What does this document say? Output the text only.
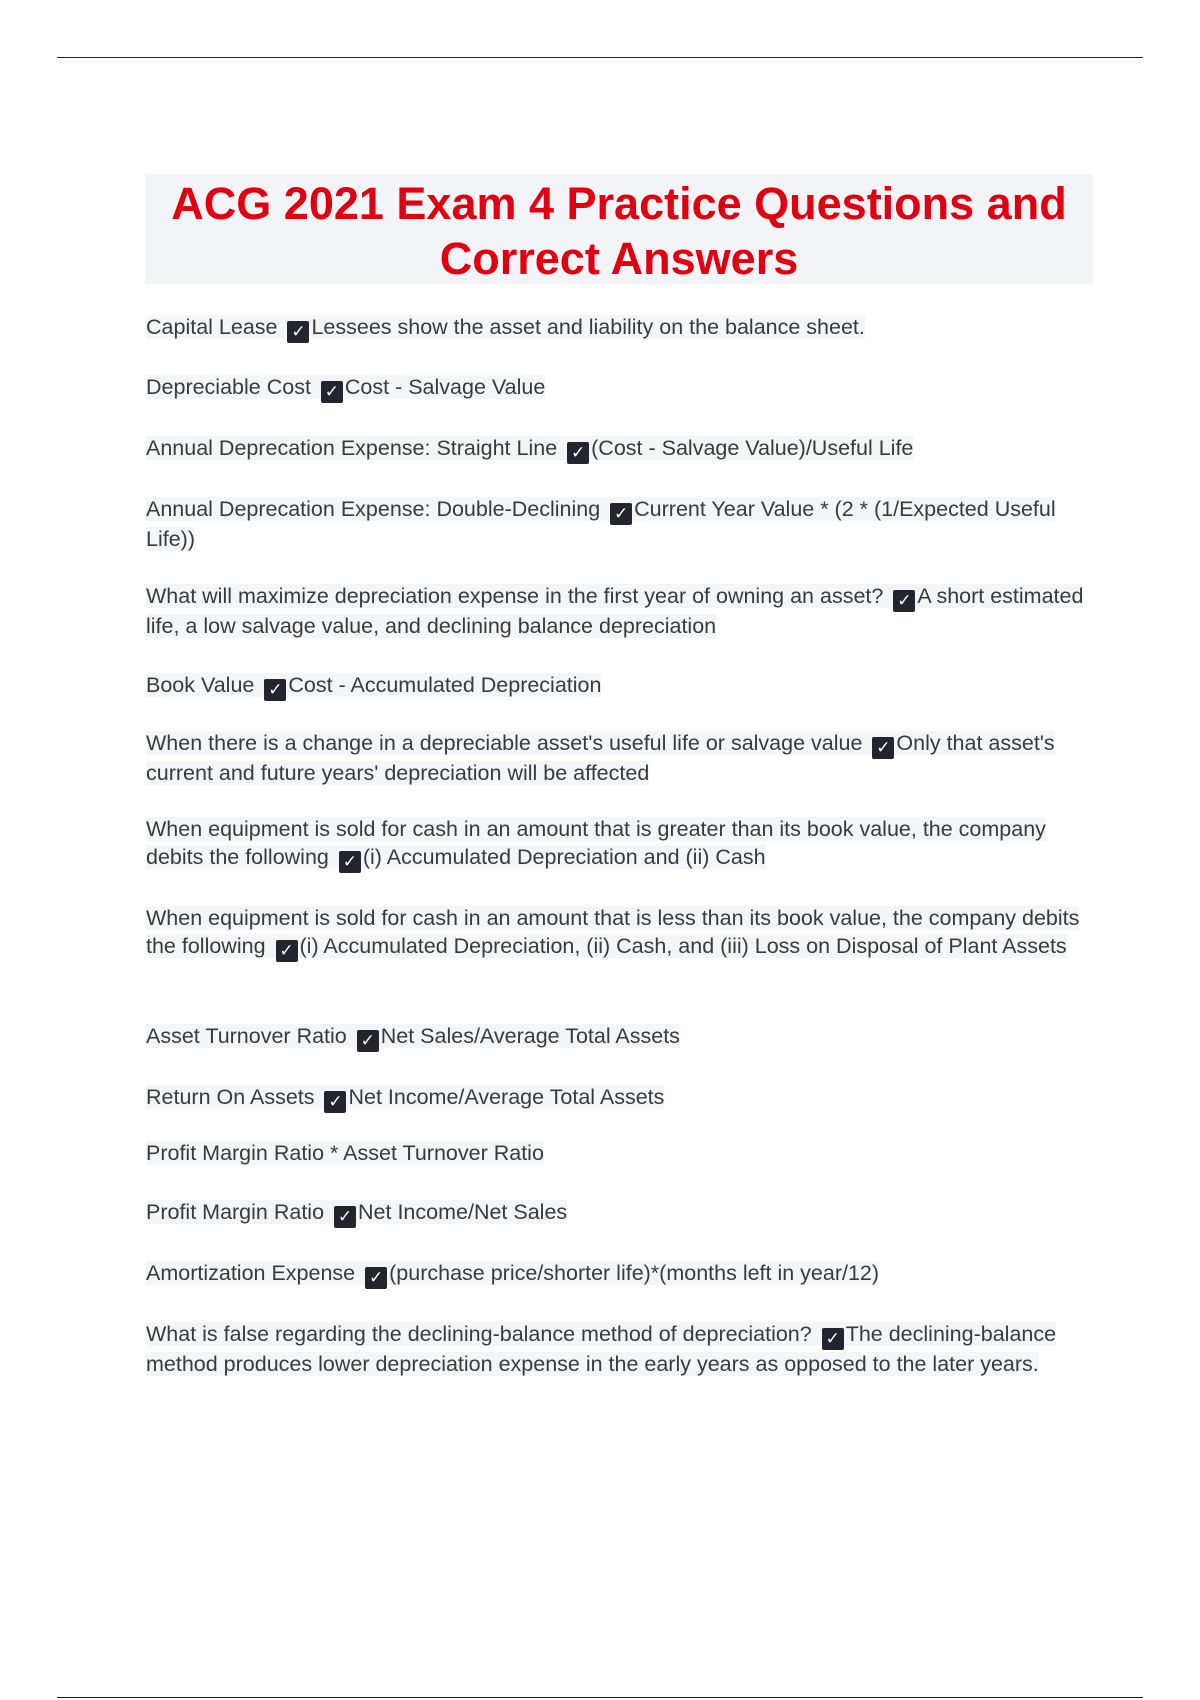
ACG 2021 Exam 4 Practice Questions and Correct Answers
Capital Lease ✓ Lessees show the asset and liability on the balance sheet.
Depreciable Cost ✓ Cost - Salvage Value
Annual Deprecation Expense: Straight Line ✓ (Cost - Salvage Value)/Useful Life
Annual Deprecation Expense: Double-Declining ✓ Current Year Value * (2 * (1/Expected Useful Life))
What will maximize depreciation expense in the first year of owning an asset? ✓ A short estimated life, a low salvage value, and declining balance depreciation
Book Value ✓ Cost - Accumulated Depreciation
When there is a change in a depreciable asset's useful life or salvage value ✓ Only that asset's current and future years' depreciation will be affected
When equipment is sold for cash in an amount that is greater than its book value, the company debits the following ✓ (i) Accumulated Depreciation and (ii) Cash
When equipment is sold for cash in an amount that is less than its book value, the company debits the following ✓ (i) Accumulated Depreciation, (ii) Cash, and (iii) Loss on Disposal of Plant Assets
Asset Turnover Ratio ✓ Net Sales/Average Total Assets
Return On Assets ✓ Net Income/Average Total Assets
Profit Margin Ratio * Asset Turnover Ratio
Profit Margin Ratio ✓ Net Income/Net Sales
Amortization Expense ✓ (purchase price/shorter life)*(months left in year/12)
What is false regarding the declining-balance method of depreciation? ✓ The declining-balance method produces lower depreciation expense in the early years as opposed to the later years.
